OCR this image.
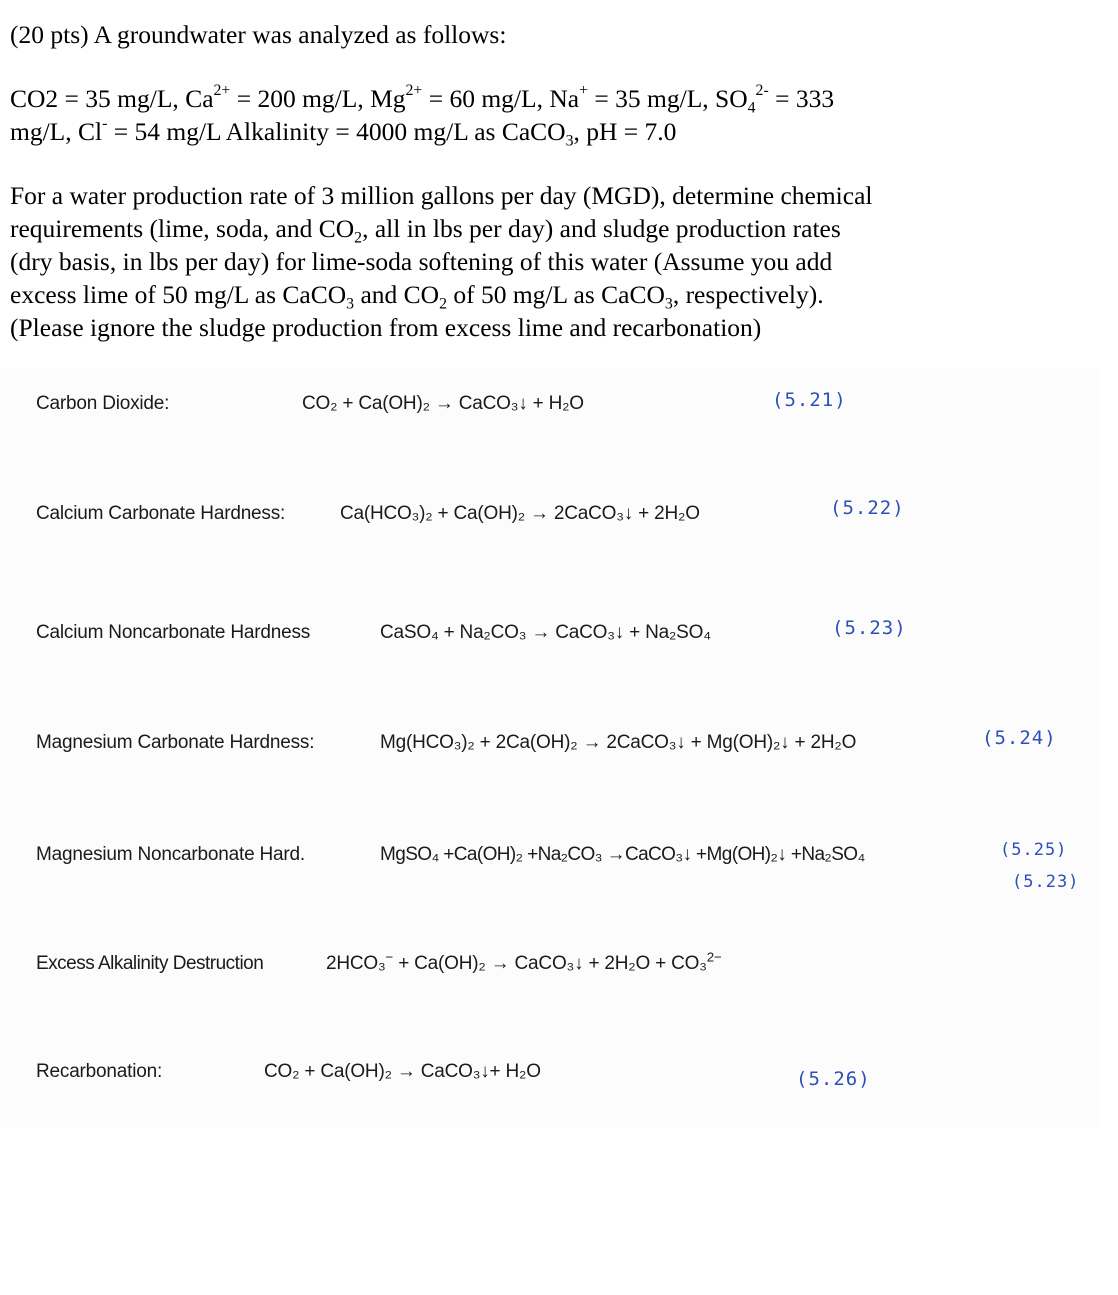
(20 pts) A groundwater was analyzed as follows:

CO2 = 35 mg/L, $Ca^{2+} = 200$ mg/L, $Mg^{2+} = 60$ mg/L, Na+ = 35 mg/L, $SO_4^{2-} = 333$

mg/L, Cl- = 54 mg/L Alkalinity = 4000 mg/L as CaCO$_3$, pH = 7.0

For a water production rate of 3 million gallons per day (MGD), determine chemical

requirements (lime, soda, and $CO_2$, all in lbs per day) and sludge production rates

(dry basis, in lbs per day) for lime-soda softening of this water (Assume you add

excess lime of 50 mg/L as CaCO$_3$ and $CO_2$ of 50 mg/L as CaCO$_3$, respectively).

(Please ignore the sludge production from excess lime and recarbonation)

Carbon Dioxide:	CO₂ + Ca(OH)₂ → CaCO₃↓ + H₂O	(5.21)
Calcium Carbonate Hardness:	Ca(HCO₃)₂ + Ca(OH)₂ → 2CaCO₃↓ + 2H₂O	(5.22)
Calcium Noncarbonate Hardness	CaSO₄ + Na₂CO₃ → CaCO₃↓ + Na₂SO₄	(5.23)
Magnesium Carbonate Hardness:	Mg(HCO₃)₂ + 2Ca(OH)₂ → 2CaCO₃↓ + Mg(OH)₂↓ + 2H₂O	(5.24)
Magnesium Noncarbonate Hard.	MgSO₄ +Ca(OH)₂ +Na₂CO₃ →CaCO₃↓ +Mg(OH)₂↓ +Na₂SO₄	(5.25)
(5.23)
Excess Alkalinity Destruction	2HCO₃− + Ca(OH)₂ → CaCO₃↓ + 2H₂O + CO₃$^{2-}$
Recarbonation:	CO₂ + Ca(OH)₂ → CaCO₃↓+ H₂O	(5.26)
